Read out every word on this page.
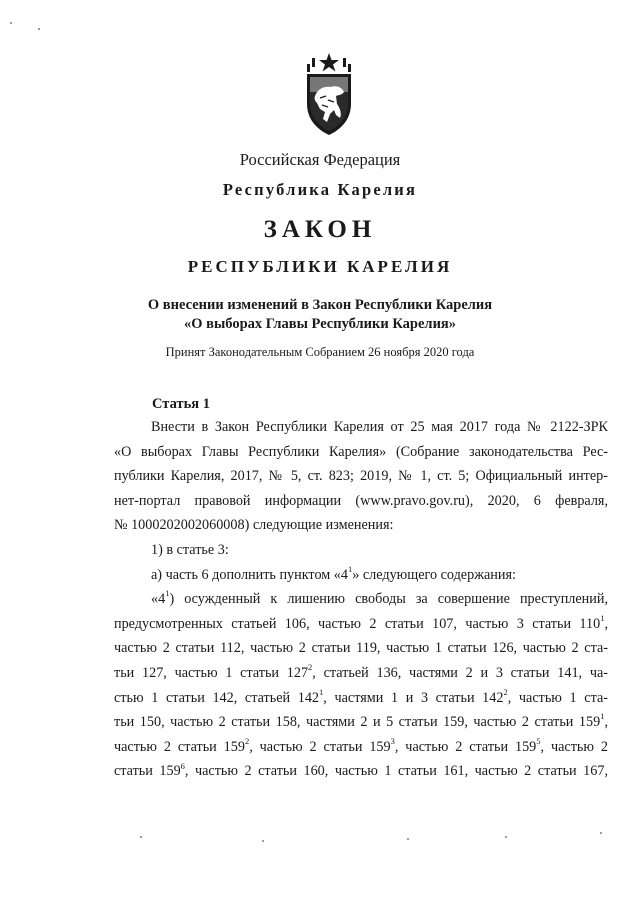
Российская Федерация
Республика Карелия
ЗАКОН
РЕСПУБЛИКИ КАРЕЛИЯ
О внесении изменений в Закон Республики Карелия
«О выборах Главы Республики Карелия»
Принят Законодательным Собранием 26 ноября 2020 года
Статья 1

Внести в Закон Республики Карелия от 25 мая 2017 года № 2122-ЗРК

«О выборах Главы Республики Карелия» (Собрание законодательства Рес-

публики Карелия, 2017, № 5, ст. 823; 2019, № 1, ст. 5; Официальный интер-

нет-портал правовой информации (www.pravo.gov.ru), 2020, 6 февраля,

№ 1000202002060008) следующие изменения:

1) в статье 3:

а) часть 6 дополнить пунктом «$4^1$» следующего содержания:

«$4^1$) осужденный к лишению свободы за совершение преступлений,

предусмотренных статьей 106, частью 2 статьи 107, частью 3 статьи $110^1$,

частью 2 статьи 112, частью 2 статьи 119, частью 1 статьи 126, частью 2 ста-

тьи 127, частью 1 статьи $127^2$, статьей 136, частями 2 и 3 статьи 141, ча-

стью 1 статьи 142, статьей $142^1$, частями 1 и 3 статьи $142^2$, частью 1 ста-

тьи 150, частью 2 статьи 158, частями 2 и 5 статьи 159, частью 2 статьи $159^1$,

частью 2 статьи $159^2$, частью 2 статьи $159^3$, частью 2 статьи $159^5$, частью 2

статьи $159^6$, частью 2 статьи 160, частью 1 статьи 161, частью 2 статьи 167,
